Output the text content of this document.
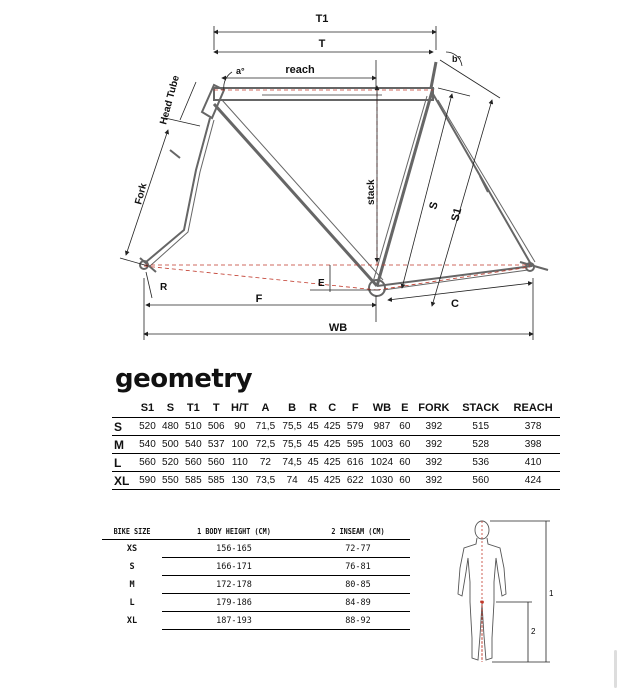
T1
T
reach
a°
b°
Head Tube
Fork	stack
S
S1
E
R
F	C
WB
geometry
	S1	S	T1	T	H/T	A	B	R	C	F	WB	E	FORK	STACK	REACH
S	520	480	510	506	90	71,5	75,5	45	425	579	987	60	392	515	378
M	540	500	540	537	100	72,5	75,5	45	425	595	1003	60	392	528	398
L	560	520	560	560	110	72	74,5	45	425	616	1024	60	392	536	410
XL	590	550	585	585	130	73,5	74	45	425	622	1030	60	392	560	424
BIKE SIZE	1 BODY HEIGHT (CM)	2 INSEAM (CM)
XS	156-165	72-77
S	166-171	76-81
M	172-178	80-85
L	179-186	84-89
XL	187-193	88-92
1
2
